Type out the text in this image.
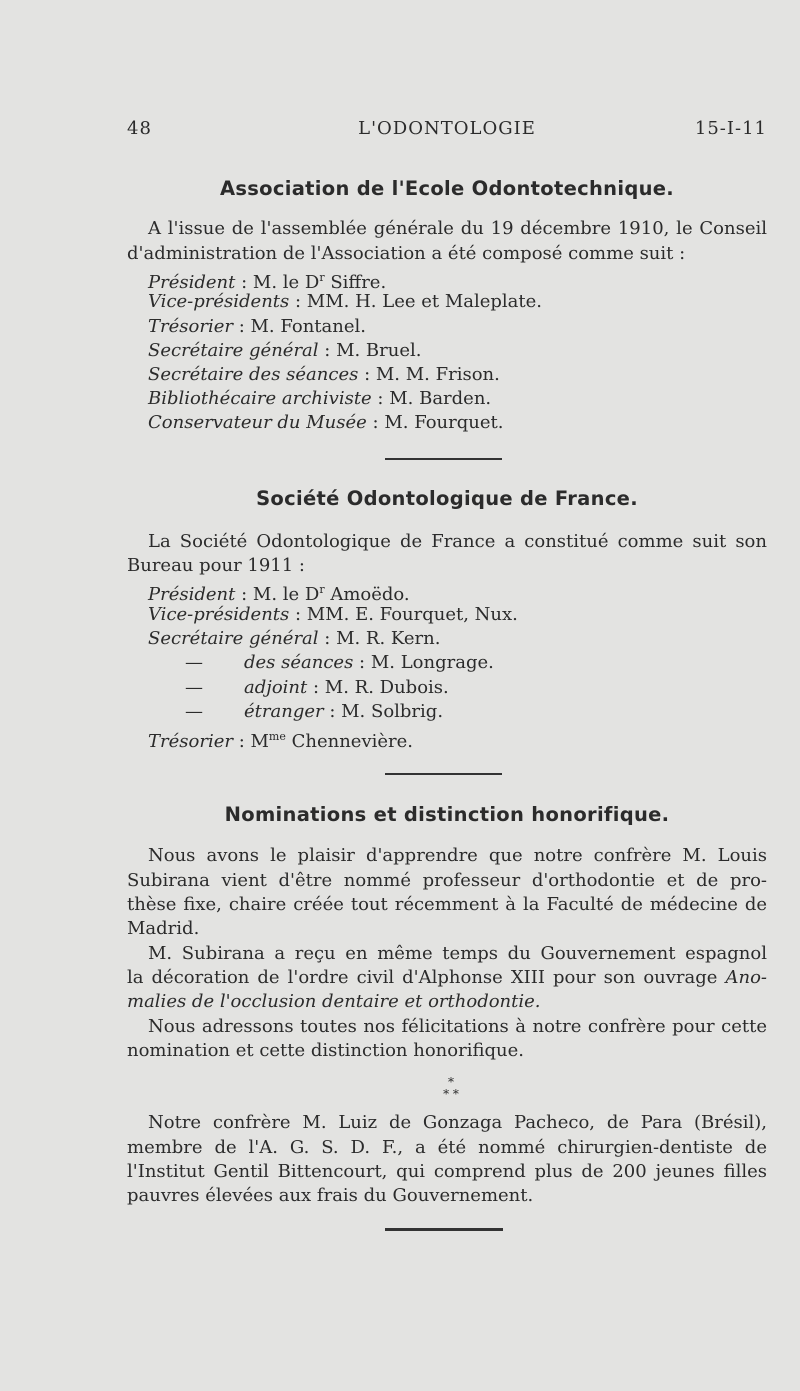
48	L'ODONTOLOGIE	15-I-11
Association de l'Ecole Odontotechnique.
A l'issue de l'assemblée générale du 19 décembre 1910, le Conseil
d'administration de l'Association a été composé comme suit :
Président : M. le $D^r$ Siffre.
Vice-présidents : MM. H. Lee et Maleplate.
Trésorier : M. Fontanel.
Secrétaire général : M. Bruel.
Secrétaire des séances : M. M. Frison.
Bibliothécaire archiviste : M. Barden.
Conservateur du Musée : M. Fourquet.
Société Odontologique de France.
La Société Odontologique de France a constitué comme suit son
Bureau pour 1911 :
Président : M. le $D^r$ Amoëdo.
Vice-présidents : MM. E. Fourquet, Nux.
Secrétaire général : M. R. Kern.
— des séances : M. Longrage.
— adjoint : M. R. Dubois.
— étranger : M. Solbrig.
Trésorier : $M^{me}$ Chennevière.
Nominations et distinction honorifique.
Nous avons le plaisir d'apprendre que notre confrère M. Louis
Subirana vient d'être nommé professeur d'orthodontie et de pro-
thèse fixe, chaire créée tout récemment à la Faculté de médecine de
Madrid.
M. Subirana a reçu en même temps du Gouvernement espagnol
la décoration de l'ordre civil d'Alphonse XIII pour son ouvrage Ano-
malies de l'occlusion dentaire et orthodontie.
Nous adressons toutes nos félicitations à notre confrère pour cette
nomination et cette distinction honorifique.
*
* *
Notre confrère M. Luiz de Gonzaga Pacheco, de Para (Brésil),
membre de l'A. G. S. D. F., a été nommé chirurgien-dentiste de
l'Institut Gentil Bittencourt, qui comprend plus de 200 jeunes filles
pauvres élevées aux frais du Gouvernement.
